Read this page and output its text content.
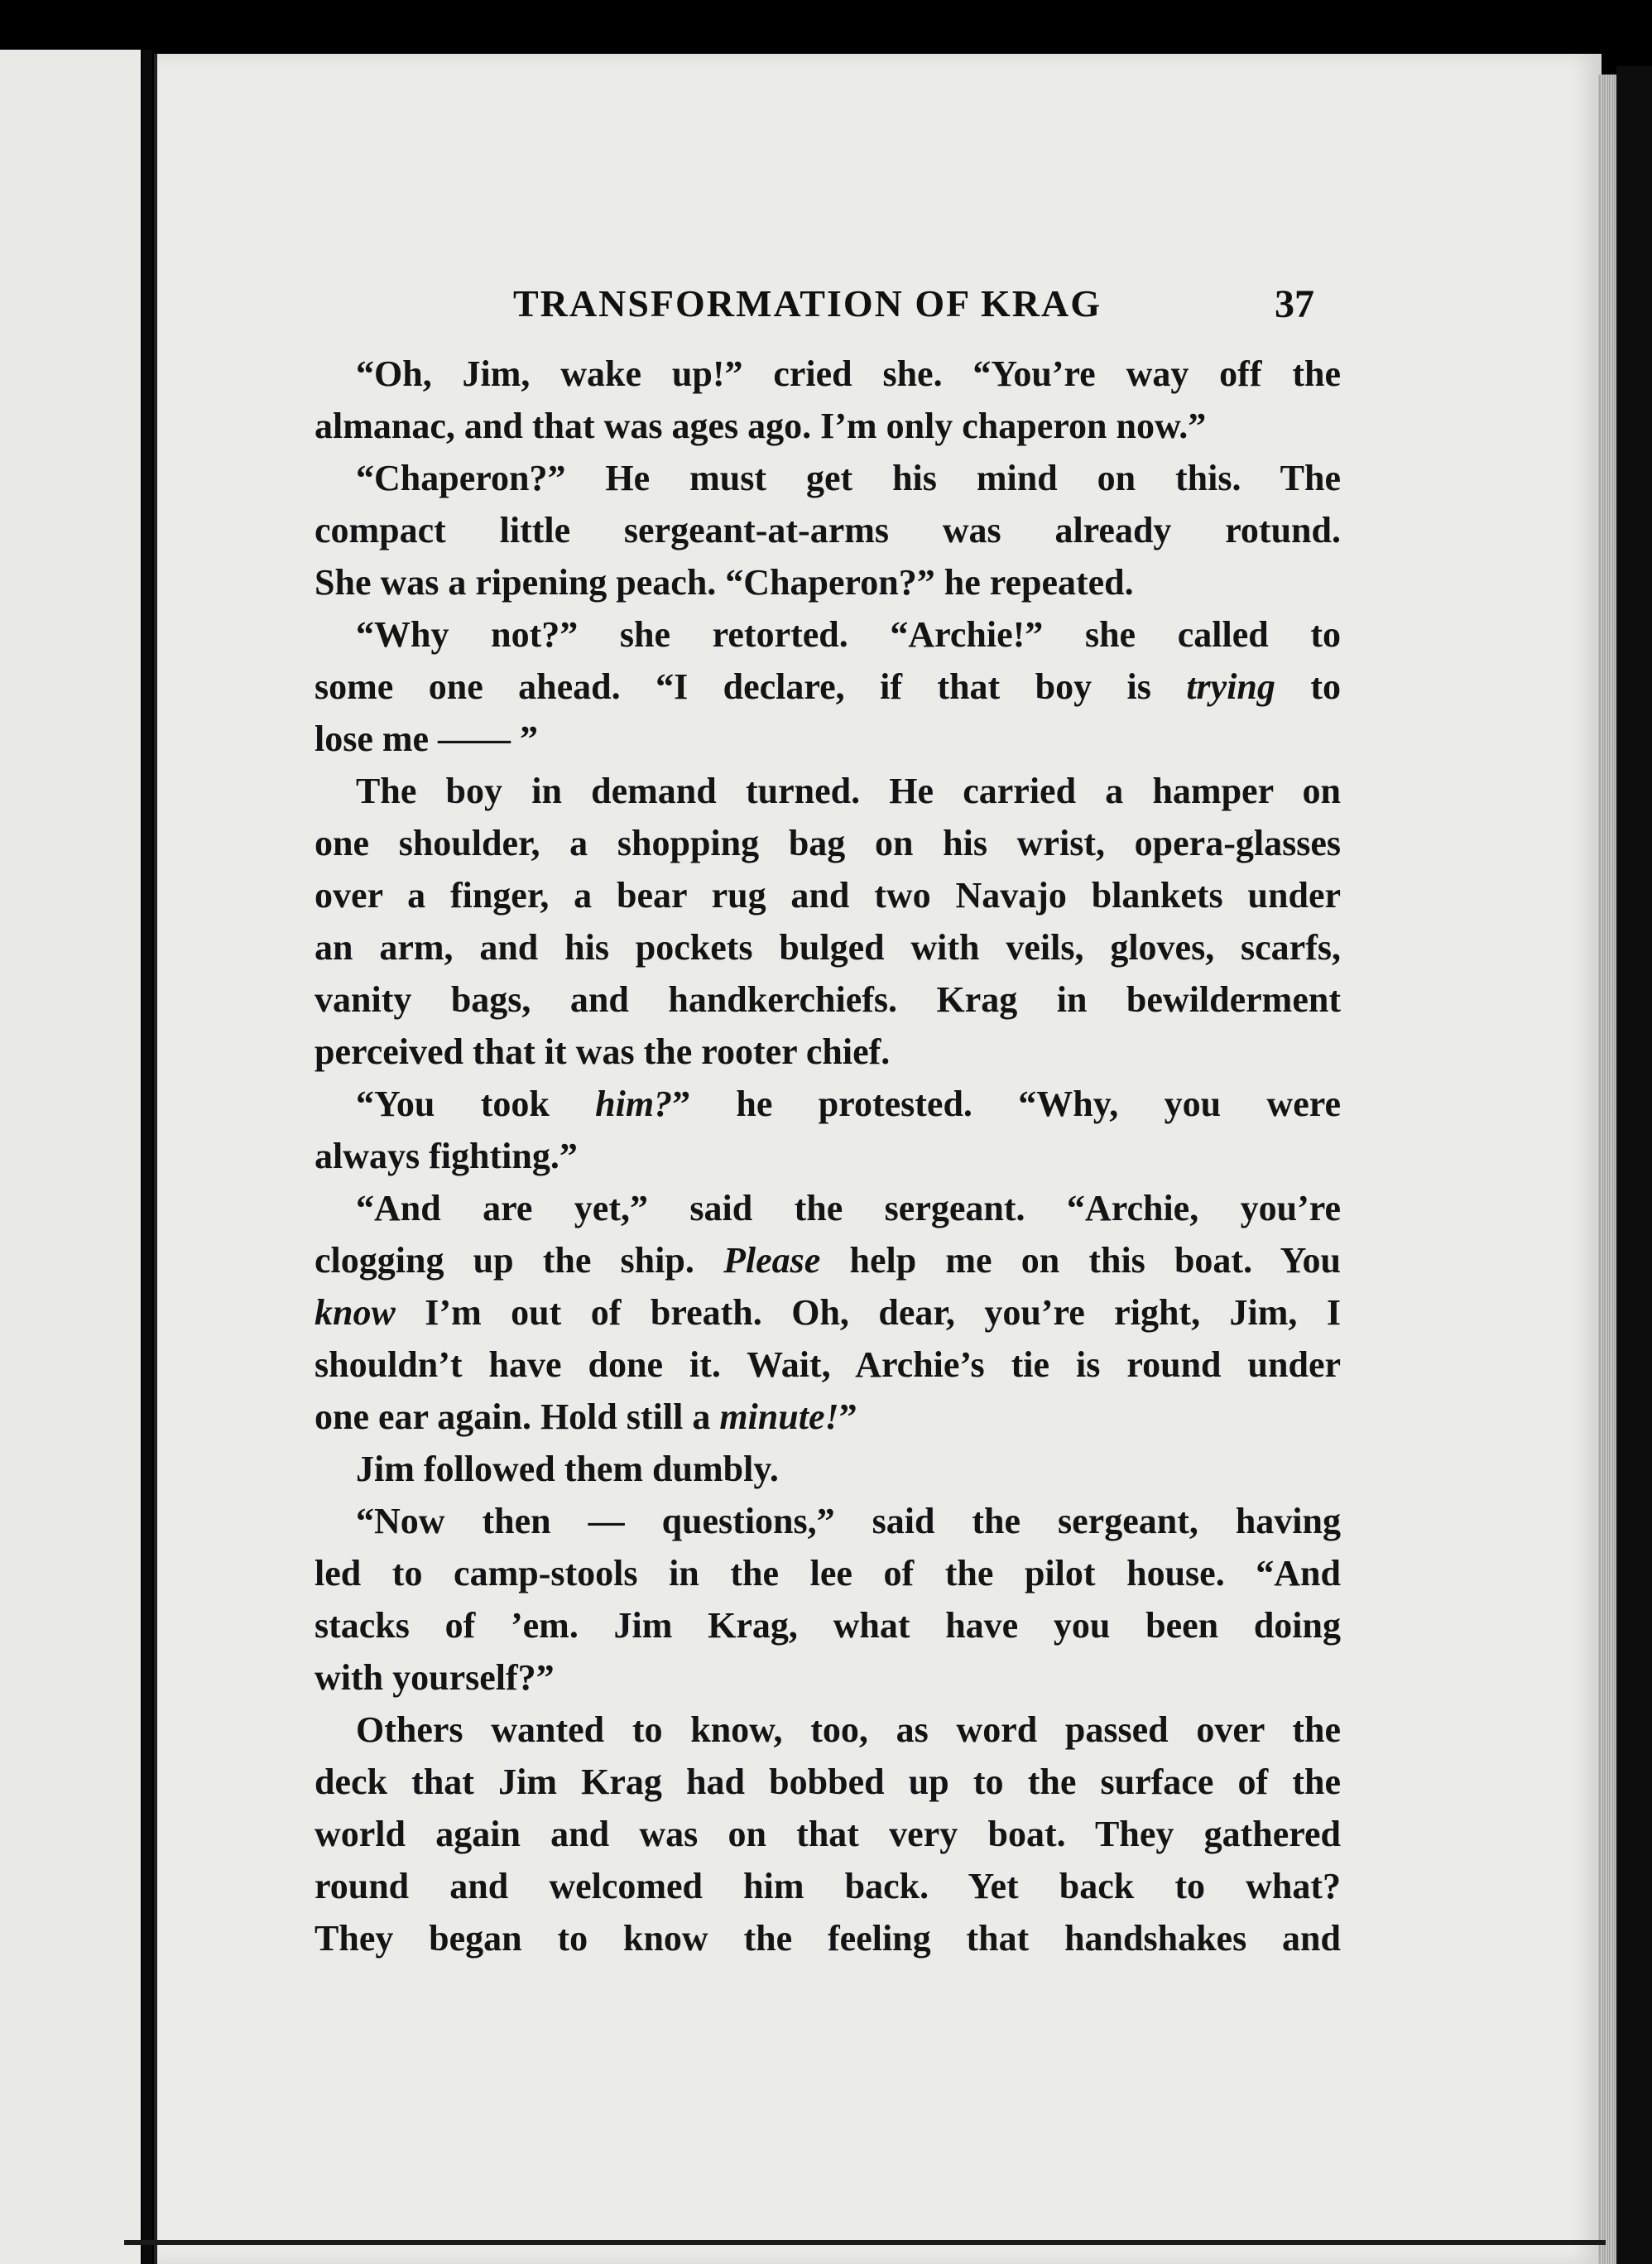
TRANSFORMATION OF KRAG	37
“Oh, Jim, wake up!” cried she. “You’re way off the
almanac, and that was ages ago. I’m only chaperon now.”
“Chaperon?” He must get his mind on this. The
compact little sergeant-at-arms was already rotund.
She was a ripening peach. “Chaperon?” he repeated.
“Why not?” she retorted. “Archie!” she called to
some one ahead. “I declare, if that boy is trying to
lose me —— ”
The boy in demand turned. He carried a hamper on
one shoulder, a shopping bag on his wrist, opera-glasses
over a finger, a bear rug and two Navajo blankets under
an arm, and his pockets bulged with veils, gloves, scarfs,
vanity bags, and handkerchiefs. Krag in bewilderment
perceived that it was the rooter chief.
“You took him?” he protested. “Why, you were
always fighting.”
“And are yet,” said the sergeant. “Archie, you’re
clogging up the ship. Please help me on this boat. You
know I’m out of breath. Oh, dear, you’re right, Jim, I
shouldn’t have done it. Wait, Archie’s tie is round under
one ear again. Hold still a minute!”
Jim followed them dumbly.
“Now then — questions,” said the sergeant, having
led to camp-stools in the lee of the pilot house. “And
stacks of ’em. Jim Krag, what have you been doing
with yourself?”
Others wanted to know, too, as word passed over the
deck that Jim Krag had bobbed up to the surface of the
world again and was on that very boat. They gathered
round and welcomed him back. Yet back to what?
They began to know the feeling that handshakes and
